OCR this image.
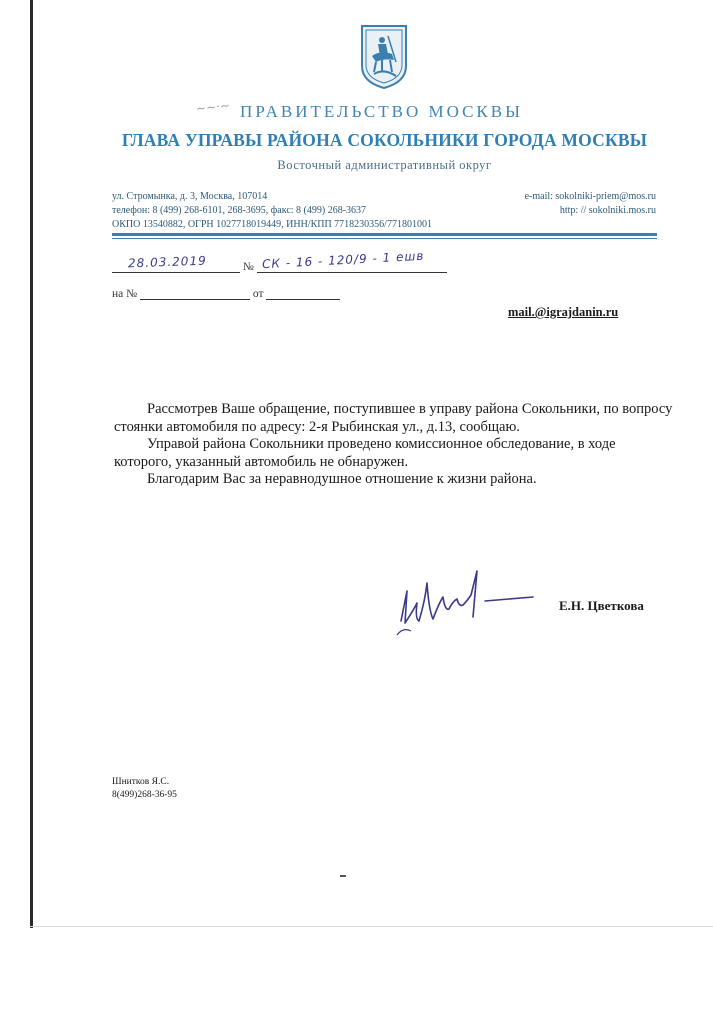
~~·~ ПРАВИТЕЛЬСТВО МОСКВЫ
ГЛАВА УПРАВЫ РАЙОНА СОКОЛЬНИКИ ГОРОДА МОСКВЫ
Восточный административный округ
ул. Стромынка, д. 3, Москва, 107014
телефон: 8 (499) 268-6101, 268-3695, факс: 8 (499) 268-3637
ОКПО 13540882, ОГРН 1027718019449, ИНН/КПП 7718230356/771801001
e-mail: sokolniki-priem@mos.ru
http: // sokolniki.mos.ru
№
28.03.2019	СК - 16 - 120/9 - 1 ешв
на №	от
mail.@igrajdanin.ru

Рассмотрев Ваше обращение, поступившее в управу района Сокольники, по вопросу стоянки автомобиля по адресу: 2-я Рыбинская ул., д.13, сообщаю.

Управой района Сокольники проведено комиссионное обследование, в ходе которого, указанный автомобиль не обнаружен.

Благодарим Вас за неравнодушное отношение к жизни района.

Е.Н. Цветкова
Шнитков Я.С.
8(499)268-36-95
